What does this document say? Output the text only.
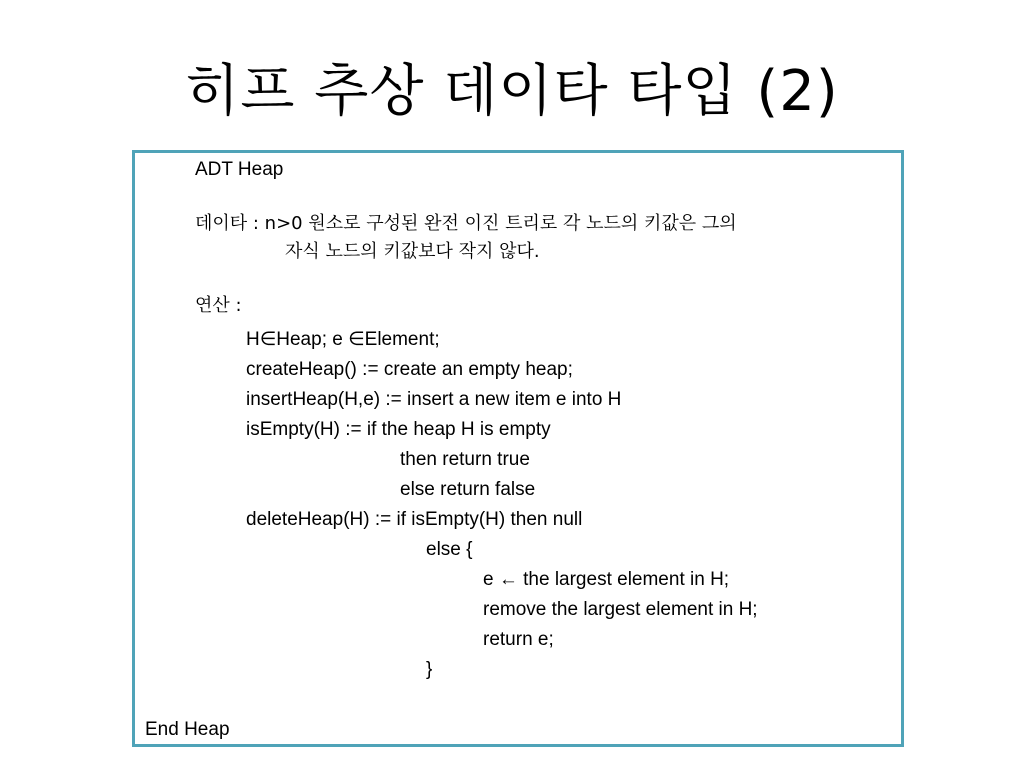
히프 추상 데이타 타입 (2)
ADT Heap
데이타 : n>0 원소로 구성된 완전 이진 트리로 각 노드의 키값은 그의
자식 노드의 키값보다 작지 않다.
연산 :
H∈Heap; e ∈Element;
createHeap() := create an empty heap;
insertHeap(H,e) := insert a new item e into H
isEmpty(H) := if the heap H is empty
then return true
else return false
deleteHeap(H) := if isEmpty(H) then null
else {
e ← the largest element in H;
remove the largest element in H;
return e;
}
End Heap
